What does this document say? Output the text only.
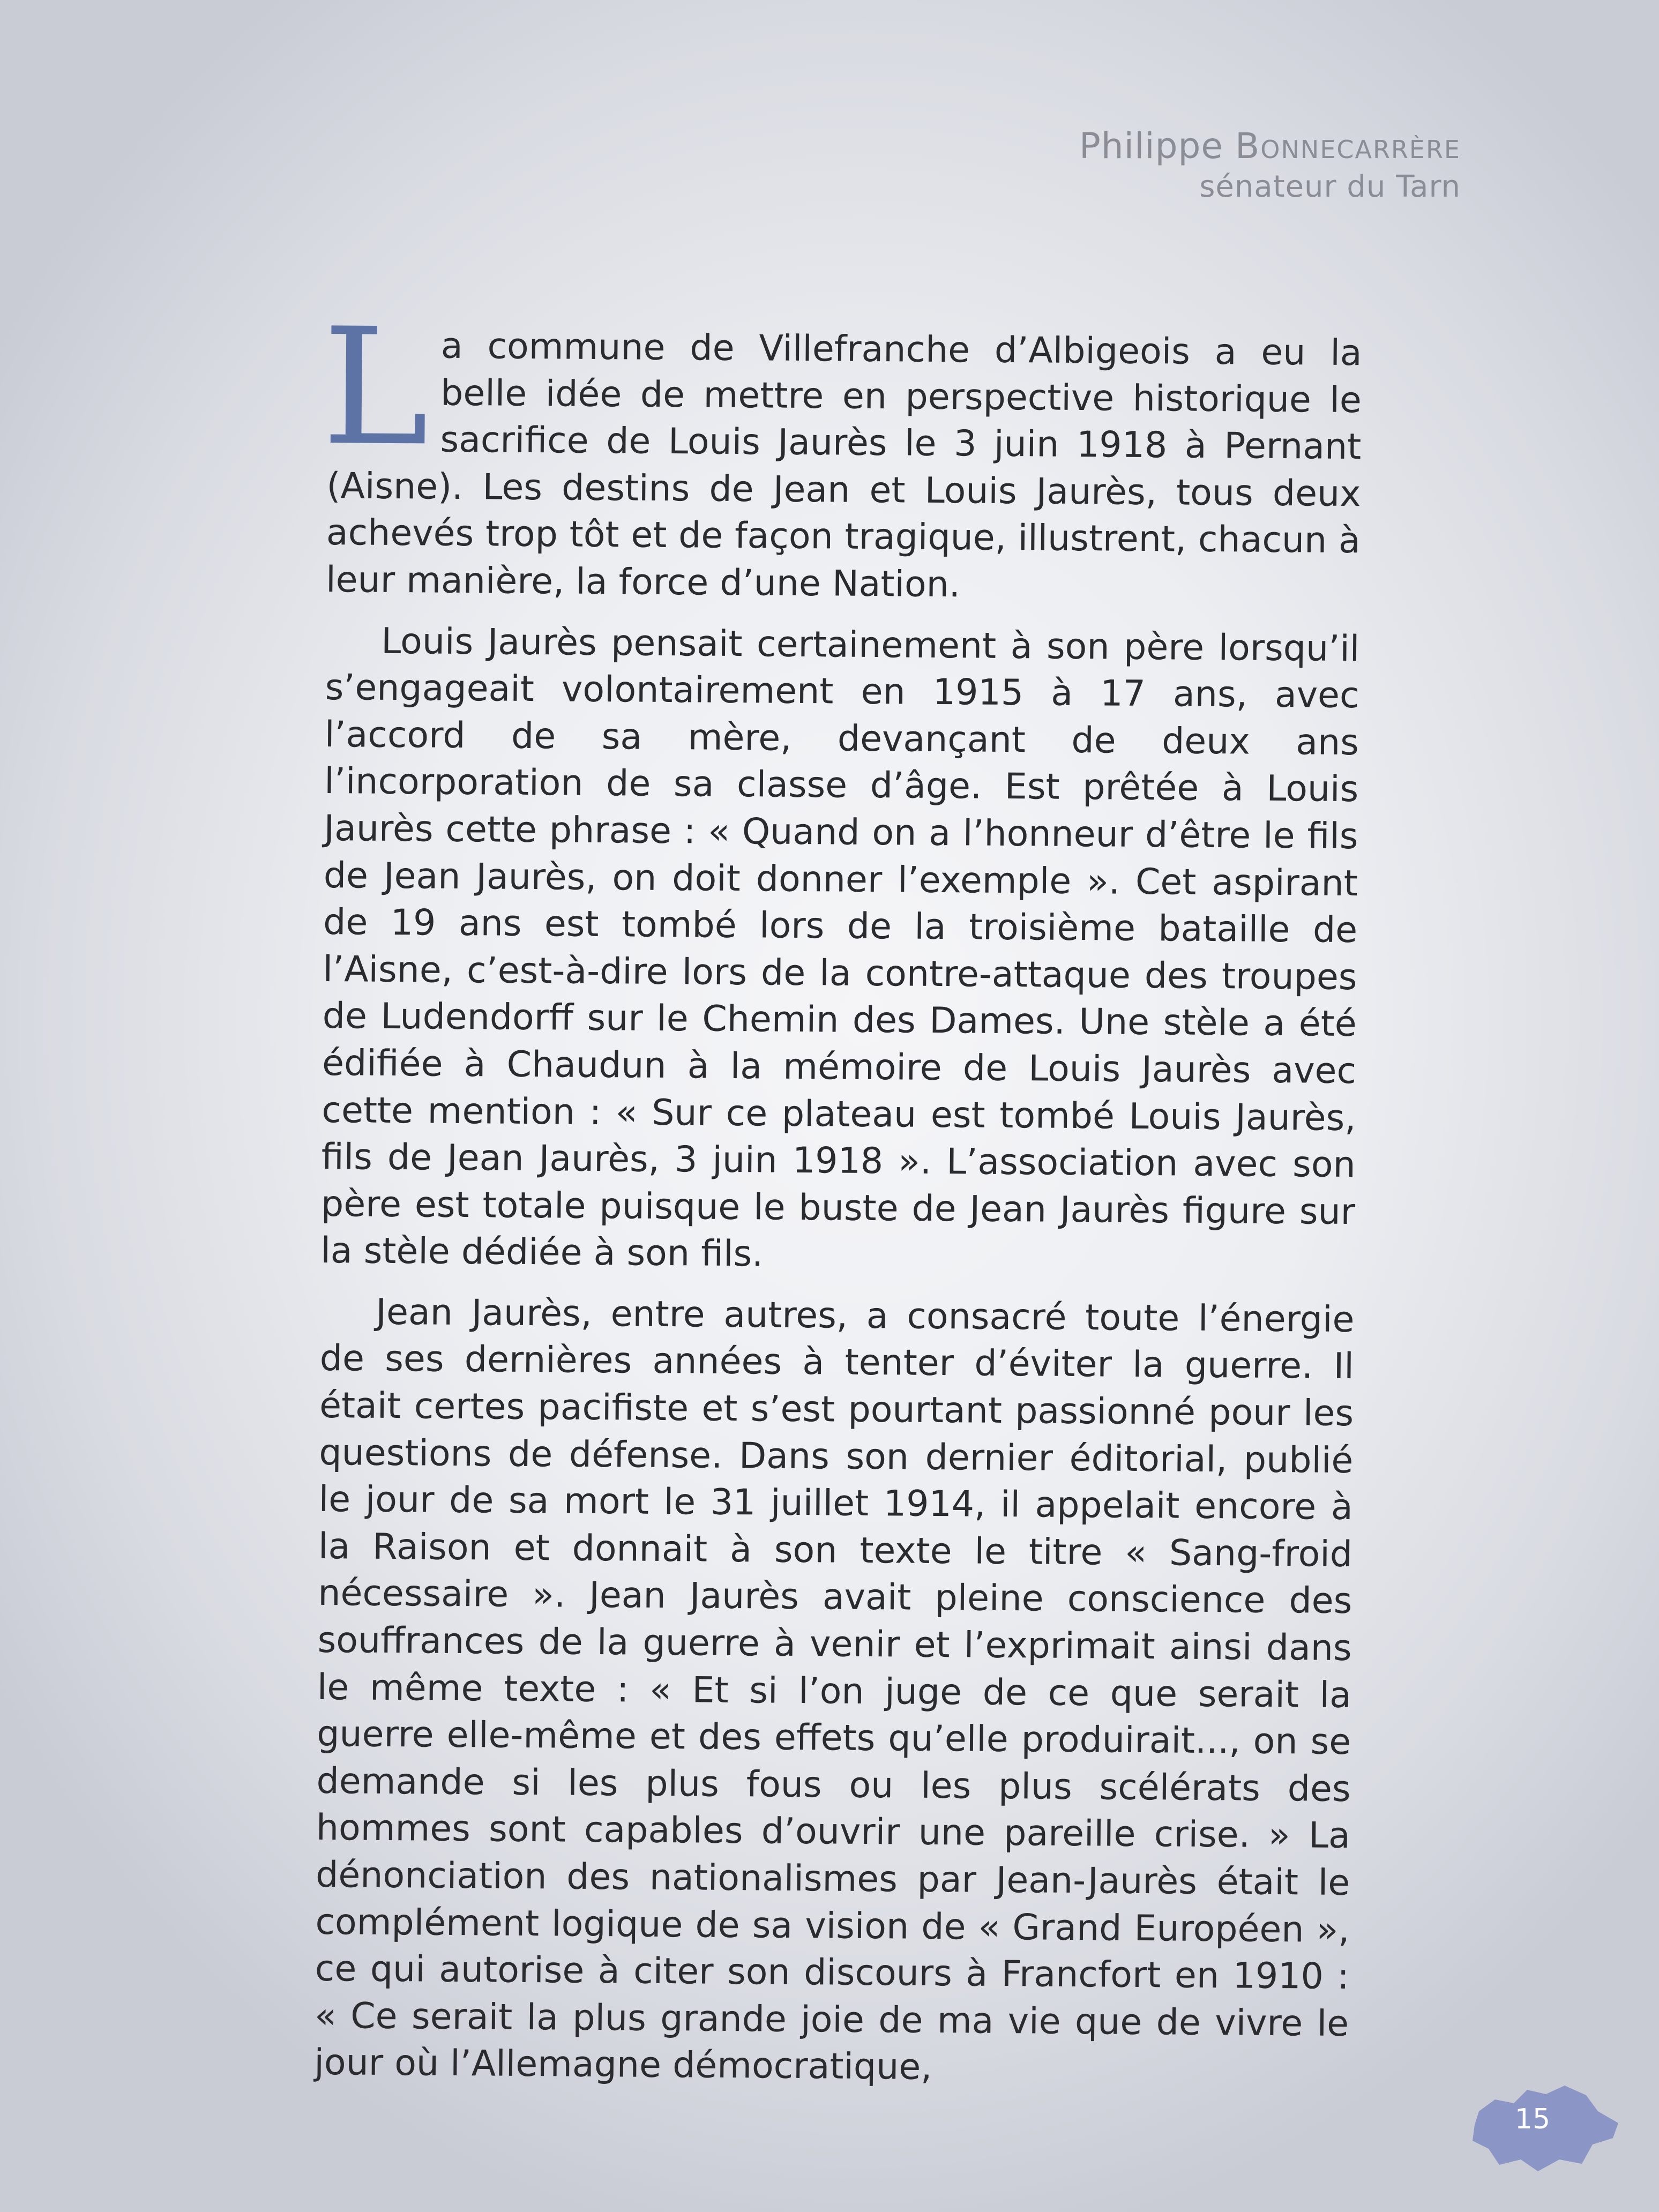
Philippe Bonnecarrère
sénateur du Tarn

La commune de Villefranche d’Albigeois a eu la belle idée de mettre en perspective historique le sacrifice de Louis Jaurès le 3 juin 1918 à Pernant (Aisne). Les destins de Jean et Louis Jaurès, tous deux achevés trop tôt et de façon tragique, illustrent, chacun à leur manière, la force d’une Nation.

Louis Jaurès pensait certainement à son père lorsqu’il s’engageait volontairement en 1915 à 17 ans, avec l’accord de sa mère, devançant de deux ans l’incorporation de sa classe d’âge. Est prêtée à Louis Jaurès cette phrase : « Quand on a l’honneur d’être le fils de Jean Jaurès, on doit donner l’exemple ». Cet aspirant de 19 ans est tombé lors de la troisième bataille de l’Aisne, c’est-à-dire lors de la contre-attaque des troupes de Ludendorff sur le Chemin des Dames. Une stèle a été édifiée à Chaudun à la mémoire de Louis Jaurès avec cette mention : « Sur ce plateau est tombé Louis Jaurès, fils de Jean Jaurès, 3 juin 1918 ». L’association avec son père est totale puisque le buste de Jean Jaurès figure sur la stèle dédiée à son fils.

Jean Jaurès, entre autres, a consacré toute l’énergie de ses dernières années à tenter d’éviter la guerre. Il était certes pacifiste et s’est pourtant passionné pour les questions de défense. Dans son dernier éditorial, publié le jour de sa mort le 31 juillet 1914, il appelait encore à la Raison et donnait à son texte le titre « Sang-froid nécessaire ». Jean Jaurès avait pleine conscience des souffrances de la guerre à venir et l’exprimait ainsi dans le même texte : « Et si l’on juge de ce que serait la guerre elle-même et des effets qu’elle produirait..., on se demande si les plus fous ou les plus scélérats des hommes sont capables d’ouvrir une pareille crise. » La dénonciation des nationalismes par Jean-Jaurès était le complément logique de sa vision de « Grand Européen », ce qui autorise à citer son discours à Francfort en 1910 : « Ce serait la plus grande joie de ma vie que de vivre le jour où l’Allemagne démocratique,

15
